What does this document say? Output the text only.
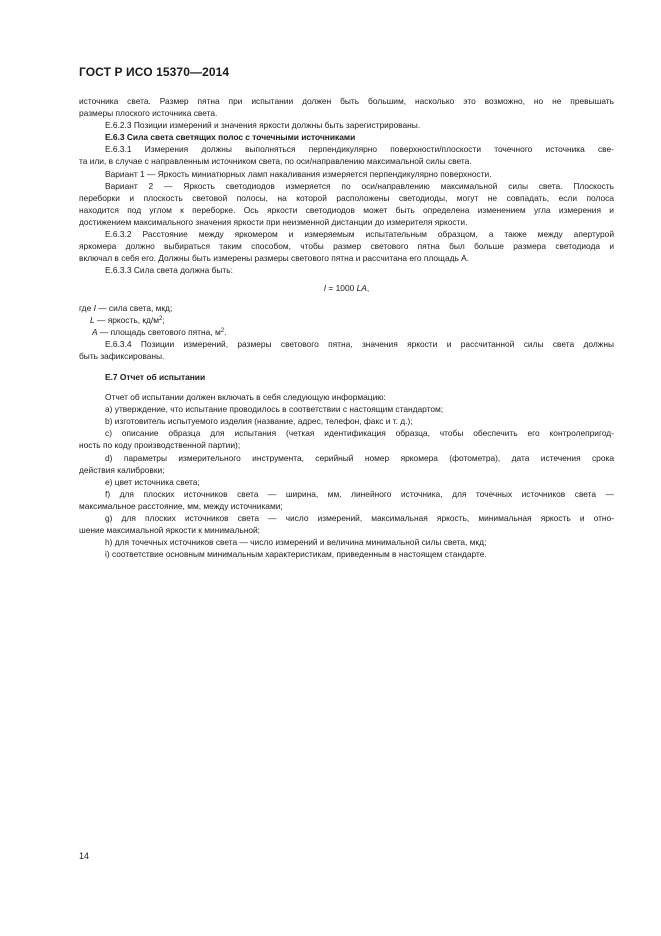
ГОСТ Р ИСО 15370—2014

источника света. Размер пятна при испытании должен быть большим, насколько это возможно, но не превышать

размеры плоского источника света.

Е.6.2.3 Позиции измерений и значения яркости должны быть зарегистрированы.

Е.6.3 Сила света светящих полос с точечными источниками

Е.6.3.1 Измерения должны выполняться перпендикулярно поверхности/плоскости точечного источника све-

та или, в случае с направленным источником света, по оси/направлению максимальной силы света.

Вариант 1 — Яркость миниатюрных ламп накаливания измеряется перпендикулярно поверхности.

Вариант 2 — Яркость светодиодов измеряется по оси/направлению максимальной силы света. Плоскость

переборки и плоскость световой полосы, на которой расположены светодиоды, могут не совпадать, если полоса

находится под углом к переборке. Ось яркости светодиодов может быть определена изменением угла измерения и

достижением максимального значения яркости при неизменной дистанции до измерителя яркости.

Е.6.3.2 Расстояние между яркомером и измеряемым испытательным образцом, а также между апертурой

яркомера должно выбираться таким способом, чтобы размер светового пятна был больше размера светодиода и

включал в себя его. Должны быть измерены размеры светового пятна и рассчитана его площадь А.

Е.6.3.3 Сила света должна быть:

I = 1000 LA,

где I — сила света, мкд;

L — яркость, $кд/м^2$;

А — площадь светового пятна, $м^2$.

Е.6.3.4 Позиции измерений, размеры светового пятна, значения яркости и рассчитанной силы света должны

быть зафиксированы.

Е.7 Отчет об испытании

Отчет об испытании должен включать в себя следующую информацию:

a) утверждение, что испытание проводилось в соответствии с настоящим стандартом;

b) изготовитель испытуемого изделия (название, адрес, телефон, факс и т. д.);

c) описание образца для испытания (четкая идентификация образца, чтобы обеспечить его контролепригод-

ность по коду производственной партии);

d) параметры измерительного инструмента, серийный номер яркомера (фотометра), дата истечения срока

действия калибровки;

e) цвет источника света;

f) для плоских источников света — ширина, мм, линейного источника, для точечных источников света —

максимальное расстояние, мм, между источниками;

g) для плоских источников света — число измерений, максимальная яркость, минимальная яркость и отно-

шение максимальной яркости к минимальной;

h) для точечных источников света — число измерений и величина минимальной силы света, мкд;

i) соответствие основным минимальным характеристикам, приведенным в настоящем стандарте.

14
